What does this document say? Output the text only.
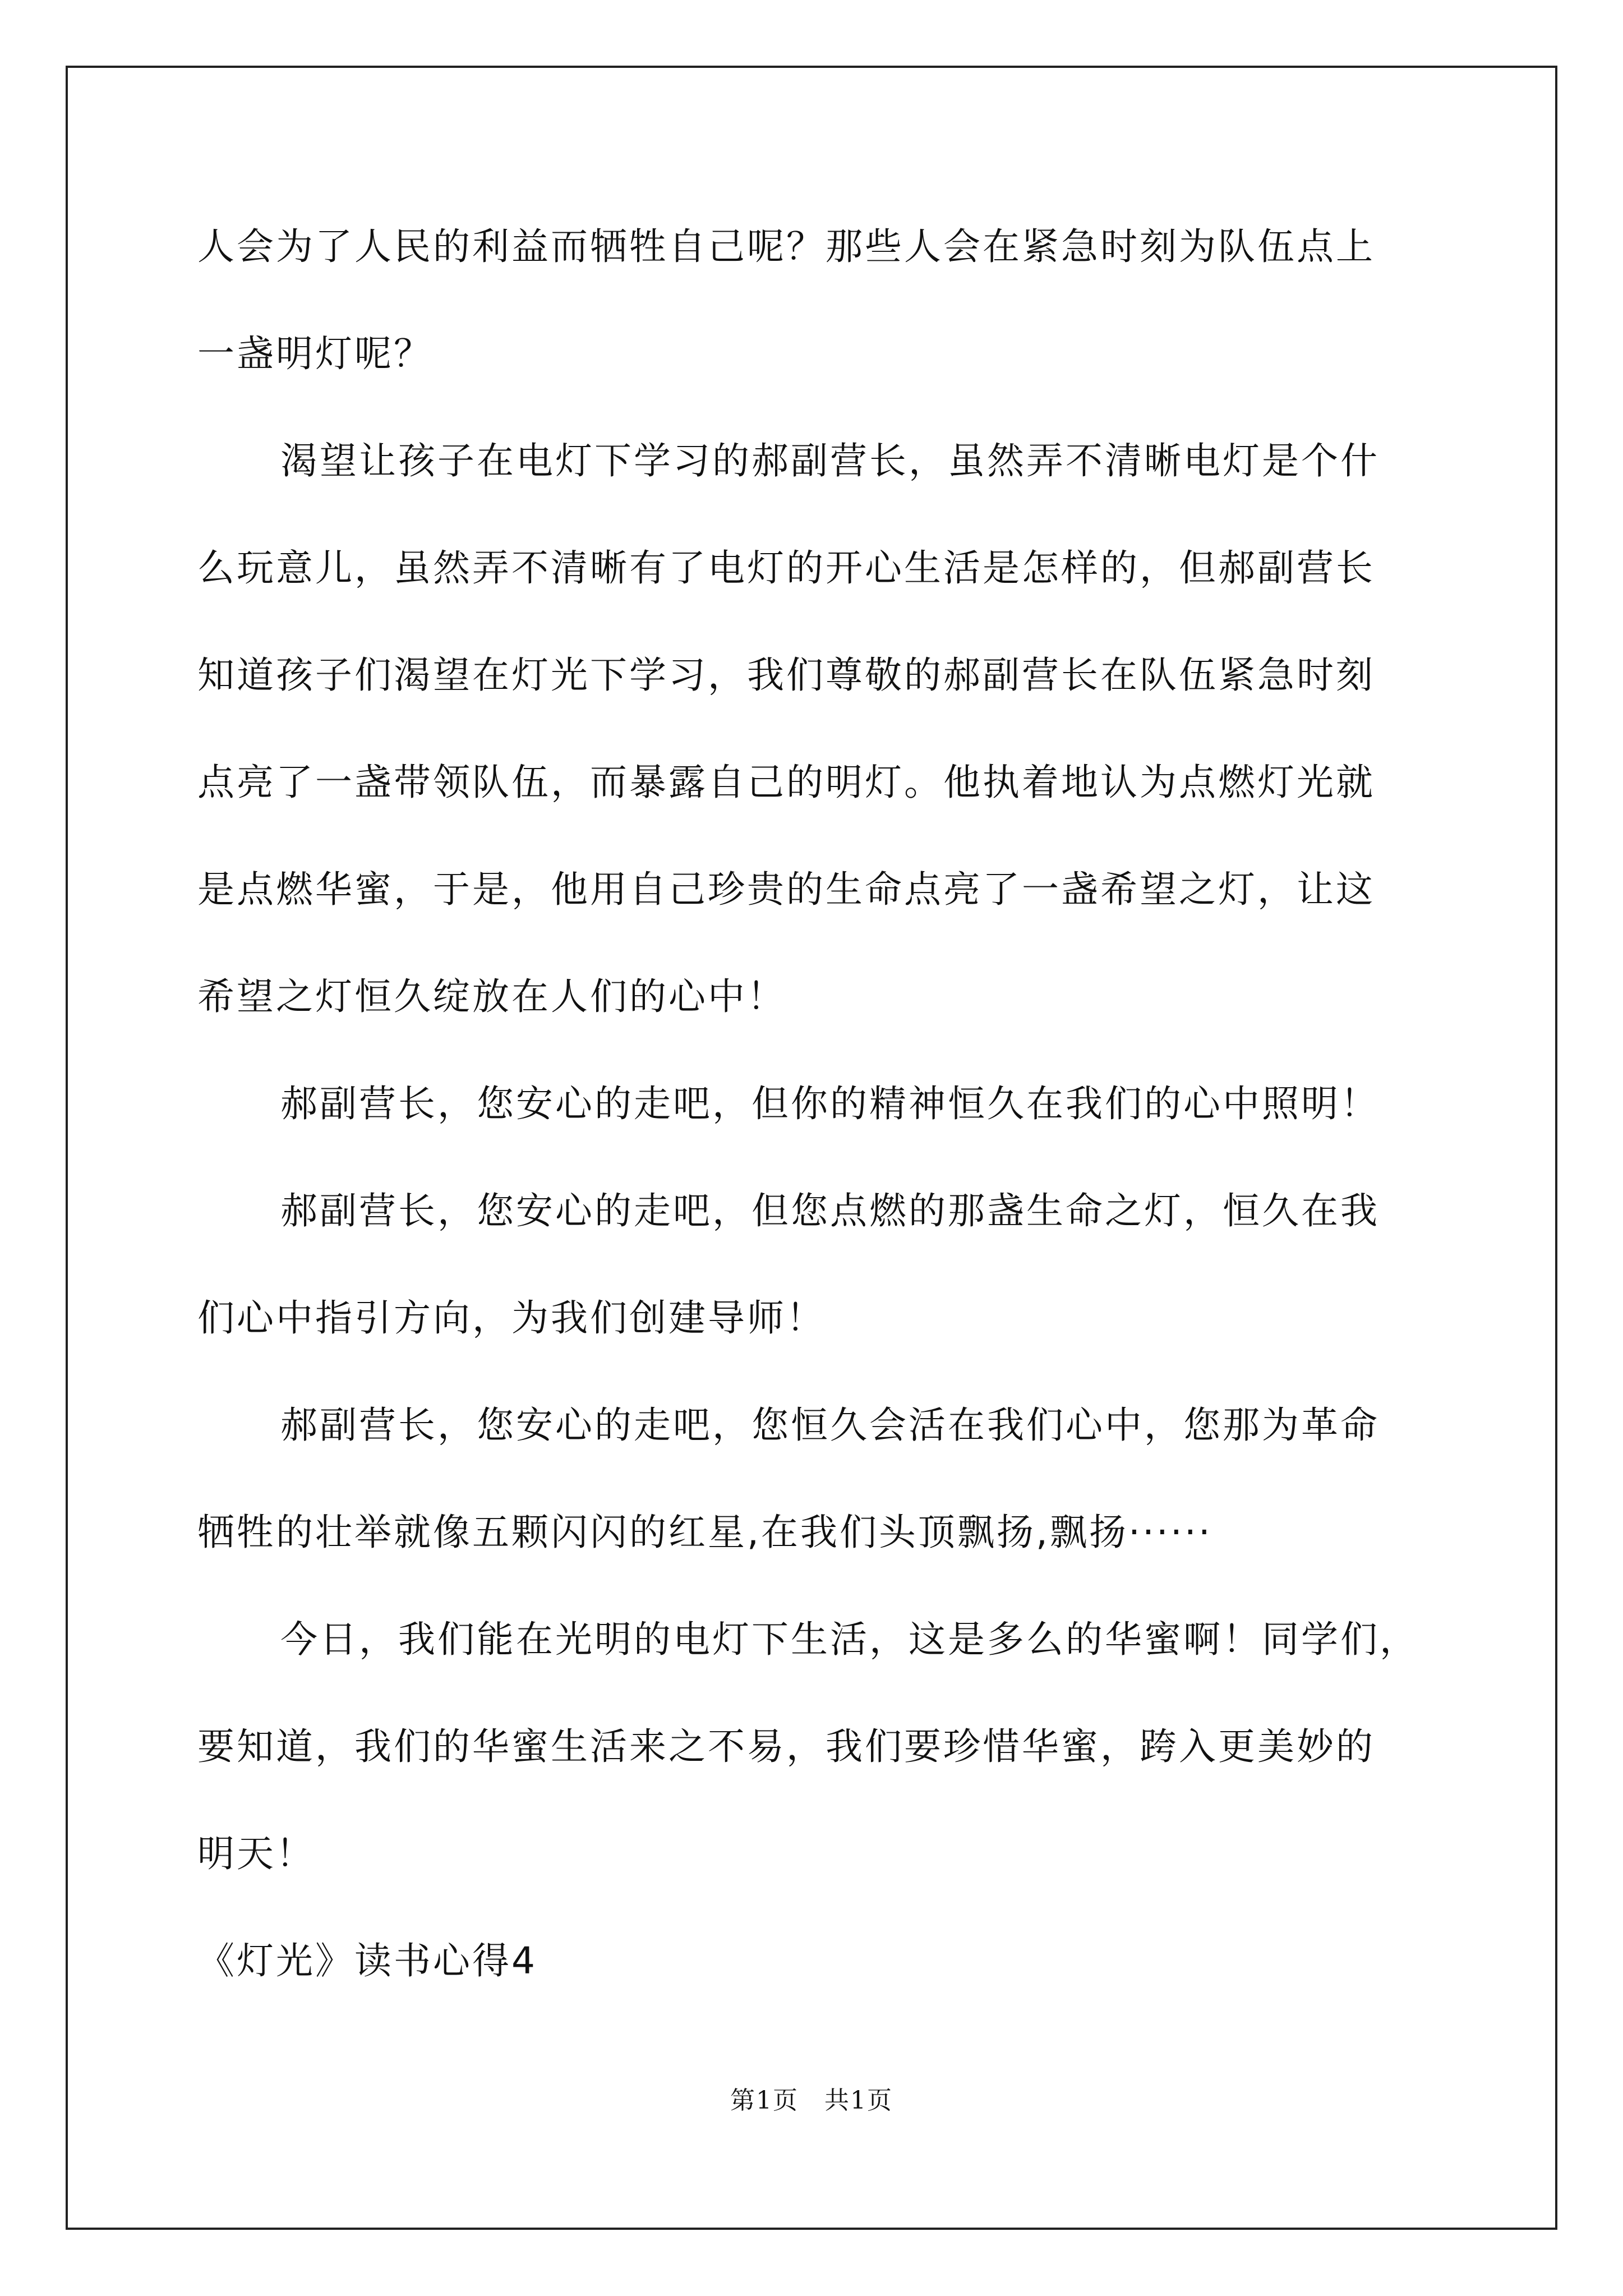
人会为了人民的利益而牺牲自己呢？那些人会在紧急时刻为队伍点上
一盏明灯呢？
渴望让孩子在电灯下学习的郝副营长，虽然弄不清晰电灯是个什
么玩意儿，虽然弄不清晰有了电灯的开心生活是怎样的，但郝副营长
知道孩子们渴望在灯光下学习，我们尊敬的郝副营长在队伍紧急时刻
点亮了一盏带领队伍，而暴露自己的明灯。他执着地认为点燃灯光就
是点燃华蜜，于是，他用自己珍贵的生命点亮了一盏希望之灯，让这
希望之灯恒久绽放在人们的心中！
郝副营长，您安心的走吧，但你的精神恒久在我们的心中照明！
郝副营长，您安心的走吧，但您点燃的那盏生命之灯，恒久在我
们心中指引方向，为我们创建导师！
郝副营长，您安心的走吧，您恒久会活在我们心中，您那为革命
牺牲的壮举就像五颗闪闪的红星,在我们头顶飘扬,飘扬······
今日，我们能在光明的电灯下生活，这是多么的华蜜啊！同学们，
要知道，我们的华蜜生活来之不易，我们要珍惜华蜜，跨入更美妙的
明天！
《灯光》读书心得4
第1页　共1页
